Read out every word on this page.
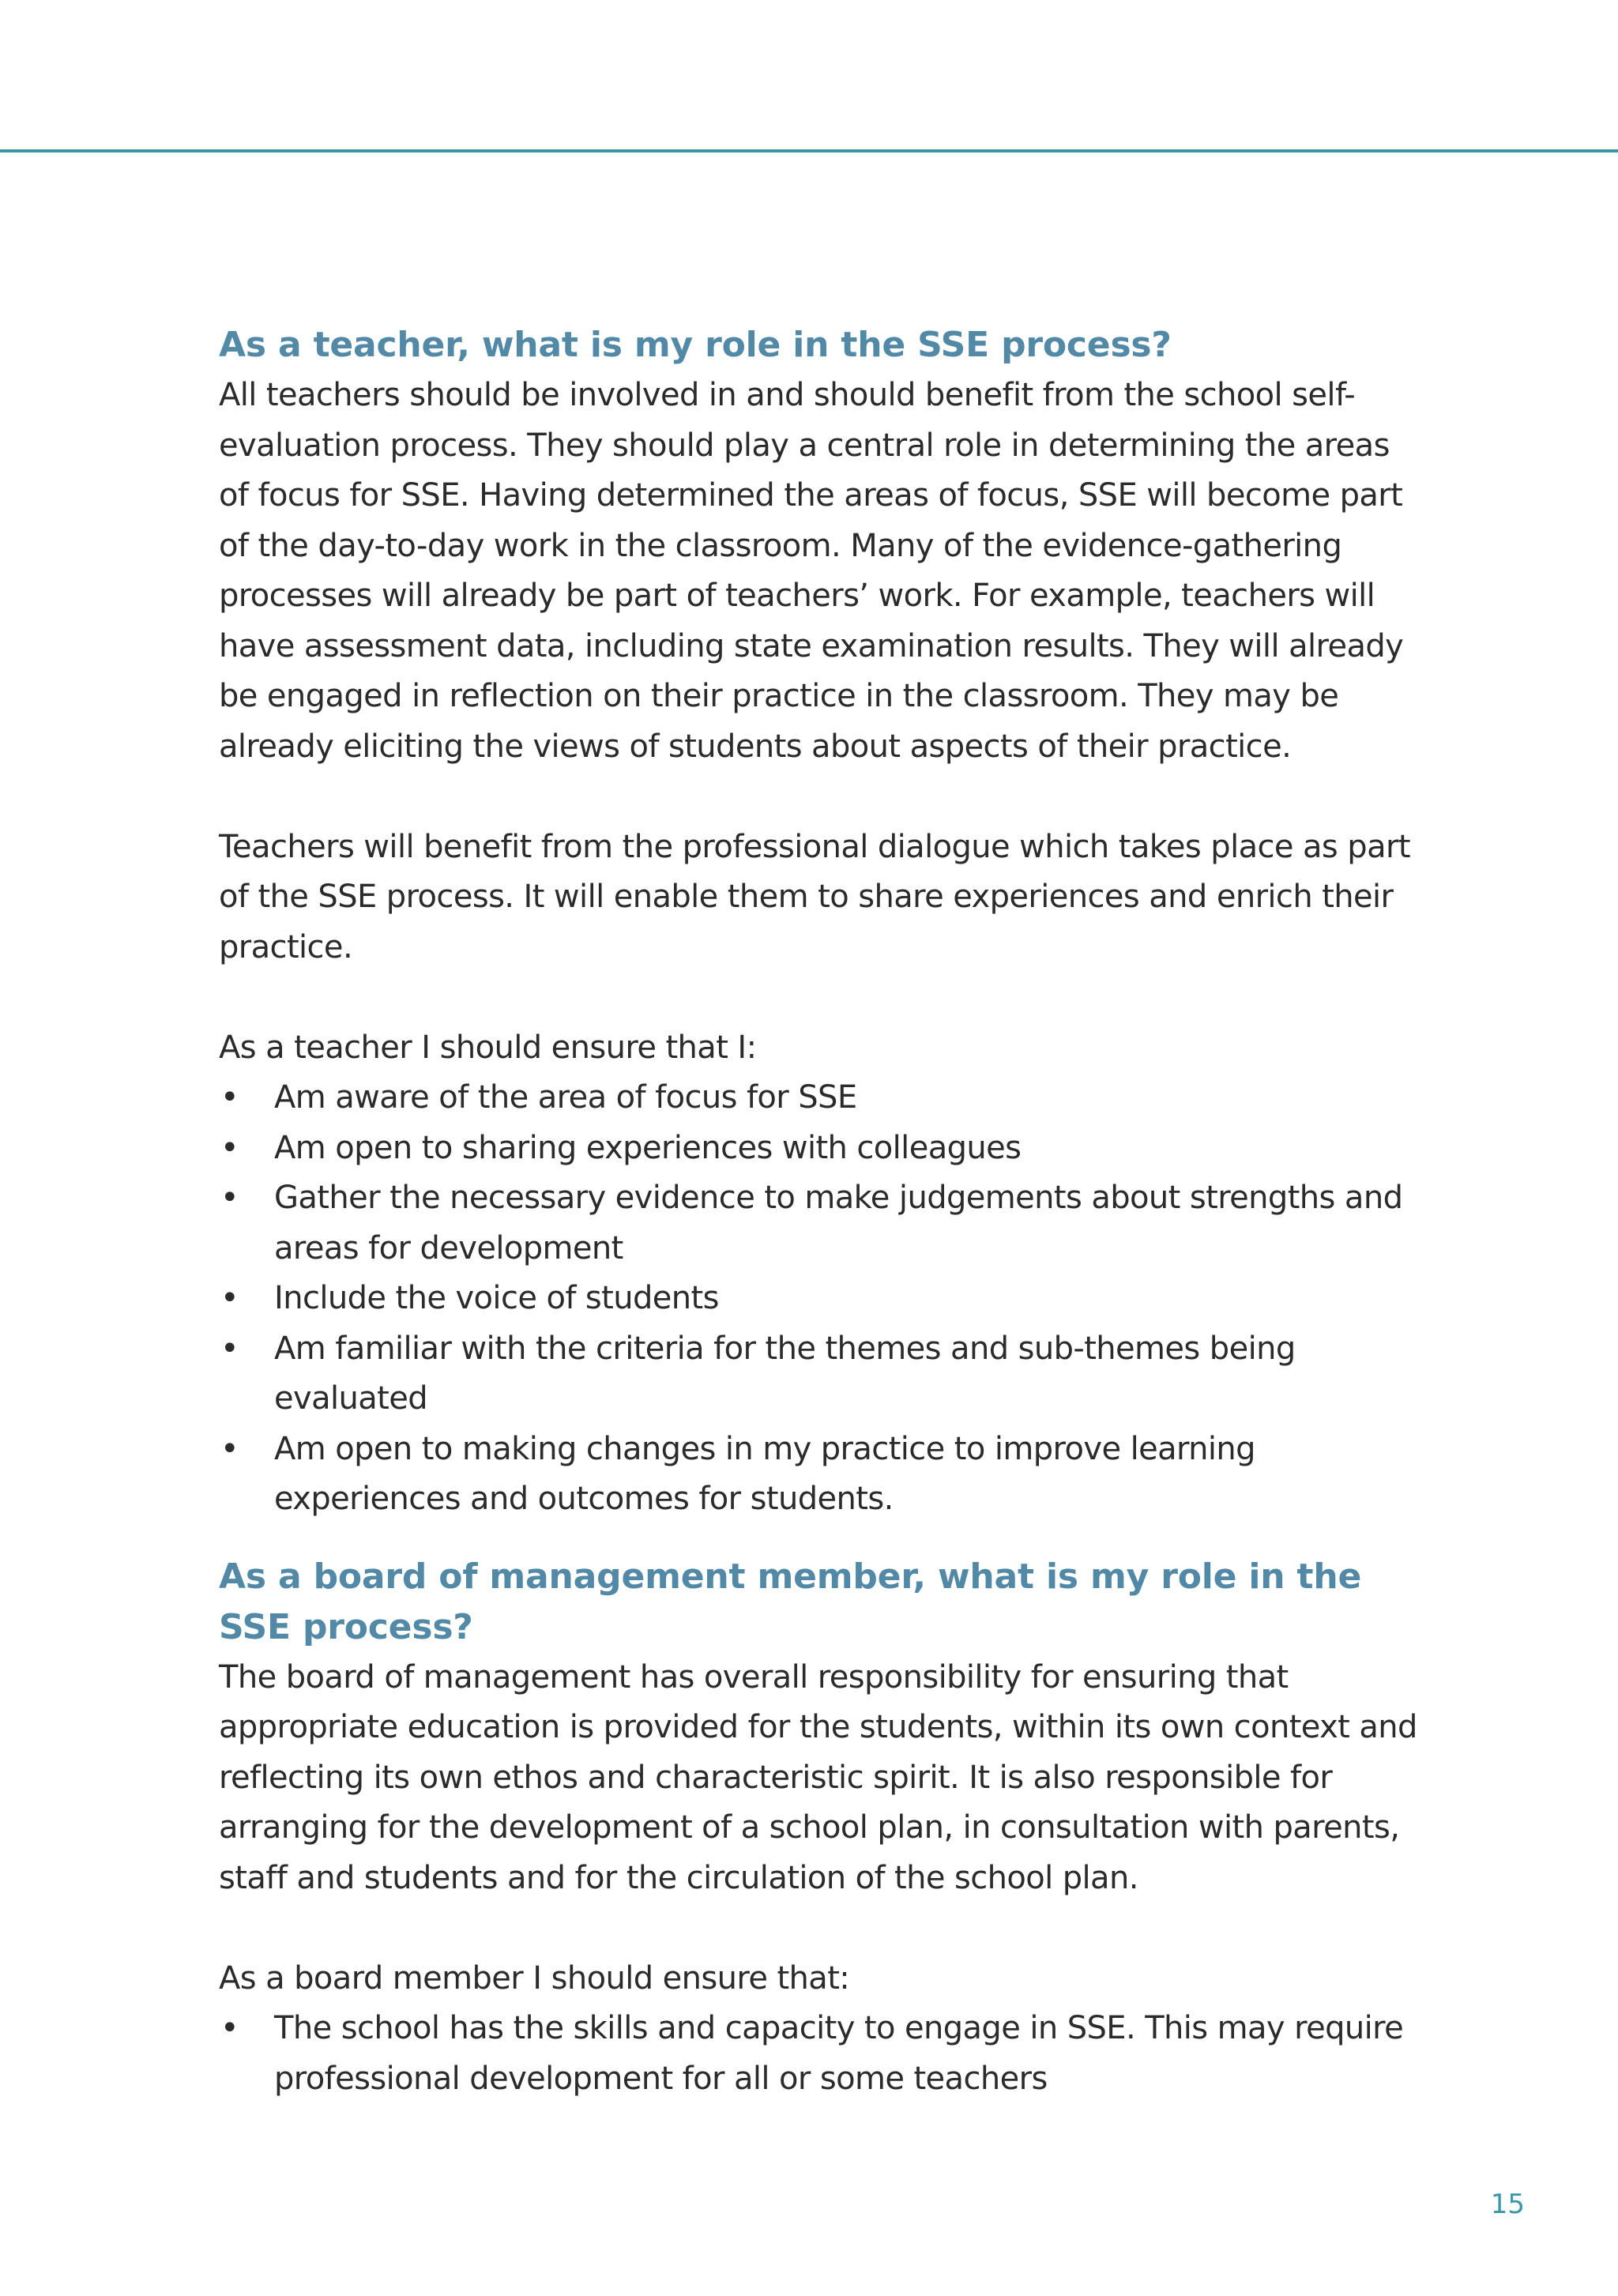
As a teacher, what is my role in the SSE process?

All teachers should be involved in and should benefit from the school self-evaluation process. They should play a central role in determining the areas of focus for SSE. Having determined the areas of focus, SSE will become part of the day-to-day work in the classroom. Many of the evidence-gathering processes will already be part of teachers’ work. For example, teachers will have assessment data, including state examination results. They will already be engaged in reflection on their practice in the classroom. They may be already eliciting the views of students about aspects of their practice.

Teachers will benefit from the professional dialogue which takes place as part of the SSE process. It will enable them to share experiences and enrich their practice.

As a teacher I should ensure that I:

• Am aware of the area of focus for SSE
• Am open to sharing experiences with colleagues
• Gather the necessary evidence to make judgements about strengths and areas for development
• Include the voice of students
• Am familiar with the criteria for the themes and sub-themes being evaluated
• Am open to making changes in my practice to improve learning experiences and outcomes for students.
As a board of management member, what is my role in the SSE process?

The board of management has overall responsibility for ensuring that appropriate education is provided for the students, within its own context and reflecting its own ethos and characteristic spirit. It is also responsible for arranging for the development of a school plan, in consultation with parents, staff and students and for the circulation of the school plan.

As a board member I should ensure that:

• The school has the skills and capacity to engage in SSE. This may require professional development for all or some teachers
15
